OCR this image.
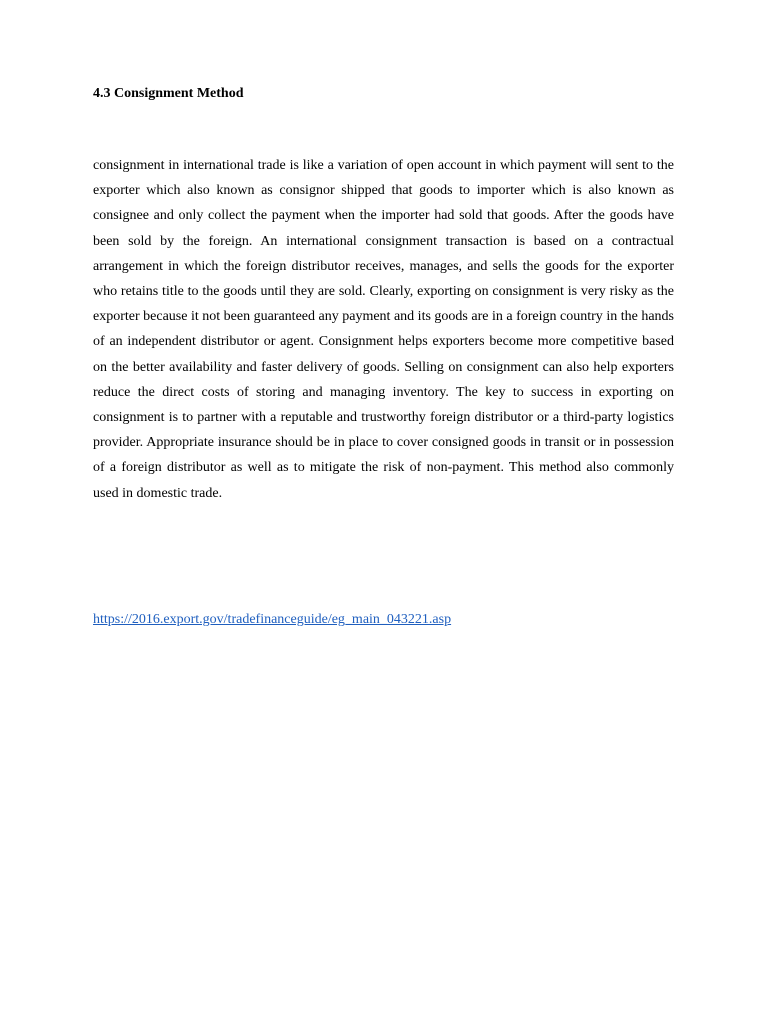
4.3 Consignment Method

consignment in international trade is like a variation of open account in which payment will sent to the exporter which also known as consignor shipped that goods to importer which is also known as consignee and only collect the payment when the importer had sold that goods. After the goods have been sold by the foreign. An international consignment transaction is based on a contractual arrangement in which the foreign distributor receives, manages, and sells the goods for the exporter who retains title to the goods until they are sold. Clearly, exporting on consignment is very risky as the exporter because it not been guaranteed any payment and its goods are in a foreign country in the hands of an independent distributor or agent. Consignment helps exporters become more competitive based on the better availability and faster delivery of goods. Selling on consignment can also help exporters reduce the direct costs of storing and managing inventory. The key to success in exporting on consignment is to partner with a reputable and trustworthy foreign distributor or a third-party logistics provider. Appropriate insurance should be in place to cover consigned goods in transit or in possession of a foreign distributor as well as to mitigate the risk of non-payment. This method also commonly used in domestic trade.

https://2016.export.gov/tradefinanceguide/eg_main_043221.asp
